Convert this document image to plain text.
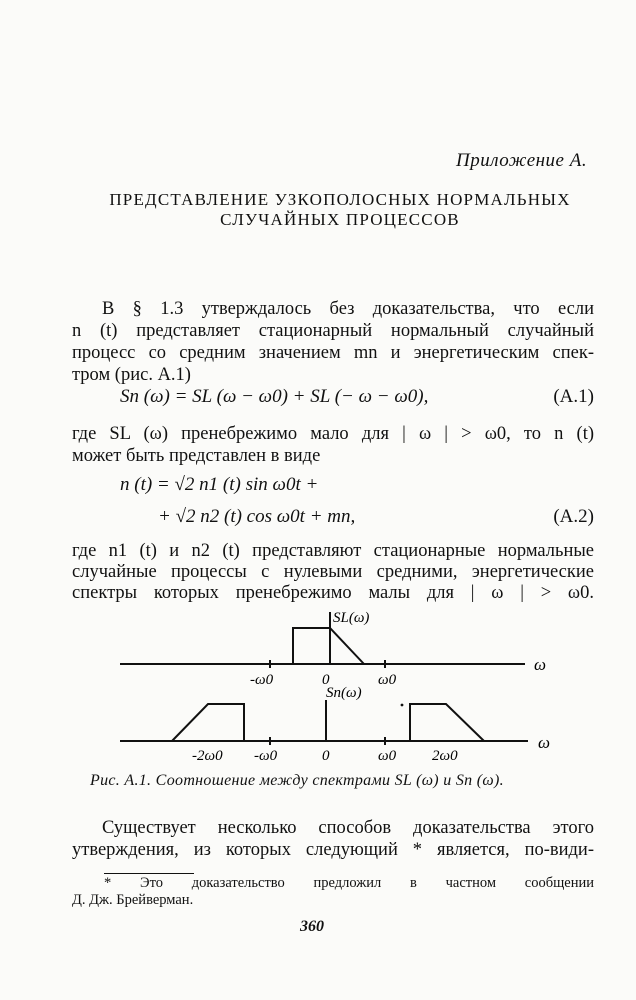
Приложение А.
ПРЕДСТАВЛЕНИЕ УЗКОПОЛОСНЫХ НОРМАЛЬНЫХ
СЛУЧАЙНЫХ ПРОЦЕССОВ
В § 1.3 утверждалось без доказательства, что если
n (t) представляет стационарный нормальный случайный
процесс со средним значением mn и энергетическим спек-
тром (рис. А.1)
Sn (ω) = SL (ω − ω0) + SL (− ω − ω0),	(А.1)
где SL (ω) пренебрежимо мало для | ω | > ω0, то n (t)
может быть представлен в виде
n (t) = √2 n1 (t) sin ω0t +
+ √2 n2 (t) cos ω0t + mn,	(А.2)
где n1 (t) и n2 (t) представляют стационарные нормальные
случайные процессы с нулевыми средними, энергетические
спектры которых пренебрежимо малы для | ω | > ω0.
SL(ω)
ω
-ω0	0	ω0
Sn(ω)
ω
-2ω0 -ω0	0	ω0 2ω0
Рис. А.1. Соотношение между спектрами SL (ω) и Sn (ω).
Существует несколько способов доказательства этого
утверждения, из которых следующий * является, по-види-
* Это доказательство предложил в частном сообщении
Д. Дж. Брейверман.
360
